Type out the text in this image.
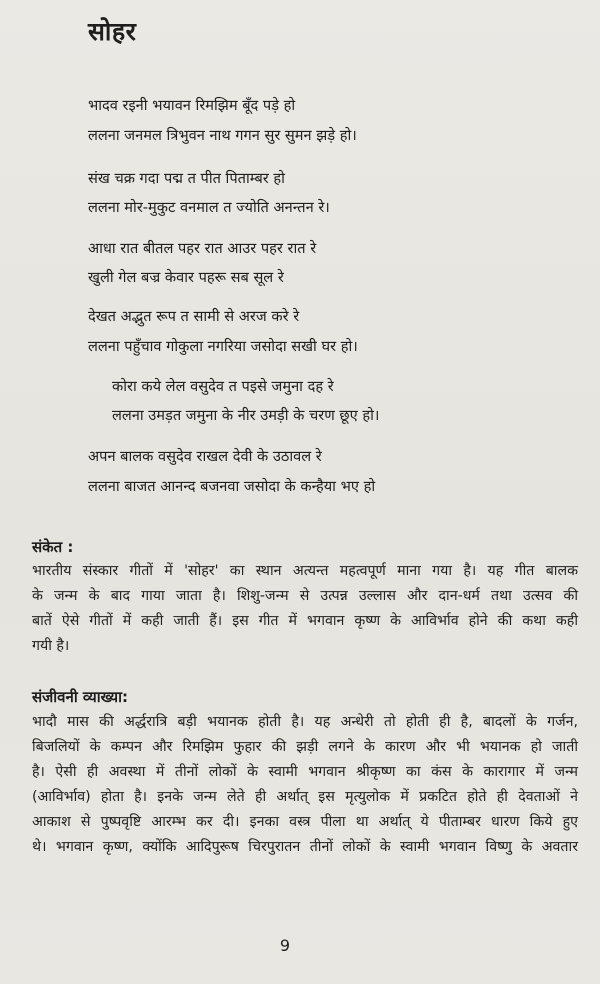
सोहर
भादव रइनी भयावन रिमझिम बूँद पड़े हो
ललना जनमल त्रिभुवन नाथ गगन सुर सुमन झड़े हो।
संख चक्र गदा पद्म त पीत पिताम्बर हो
ललना मोर-मुकुट वनमाल त ज्योति अनन्तन रे।
आधा रात बीतल पहर रात आउर पहर रात रे
खुली गेल बज्र केवार पहरू सब सूल रे
देखत अद्भुत रूप त सामी से अरज करे रे
ललना पहुँचाव गोकुला नगरिया जसोदा सखी घर हो।
कोरा कये लेल वसुदेव त पइसे जमुना दह रे
ललना उमड़त जमुना के नीर उमड़ी के चरण छूए हो।
अपन बालक वसुदेव राखल देवी के उठावल रे
ललना बाजत आनन्द बजनवा जसोदा के कन्हैया भए हो
संकेत :
भारतीय संस्कार गीतों में 'सोहर' का स्थान अत्यन्त महत्वपूर्ण माना गया है। यह गीत बालक
के जन्म के बाद गाया जाता है। शिशु-जन्म से उत्पन्न उल्लास और दान-धर्म तथा उत्सव की
बातें ऐसे गीतों में कही जाती हैं। इस गीत में भगवान कृष्ण के आविर्भाव होने की कथा कही
गयी है।
संजीवनी व्याख्या:
भादौ मास की अर्द्धरात्रि बड़ी भयानक होती है। यह अन्धेरी तो होती ही है, बादलों के गर्जन,
बिजलियों के कम्पन और रिमझिम फुहार की झड़ी लगने के कारण और भी भयानक हो जाती
है। ऐसी ही अवस्था में तीनों लोकों के स्वामी भगवान श्रीकृष्ण का कंस के कारागार में जन्म
(आविर्भाव) होता है। इनके जन्म लेते ही अर्थात् इस मृत्युलोक में प्रकटित होते ही देवताओं ने
आकाश से पुष्पवृष्टि आरम्भ कर दी। इनका वस्त्र पीला था अर्थात् ये पीताम्बर धारण किये हुए
थे। भगवान कृष्ण, क्योंकि आदिपुरूष चिरपुरातन तीनों लोकों के स्वामी भगवान विष्णु के अवतार
9
